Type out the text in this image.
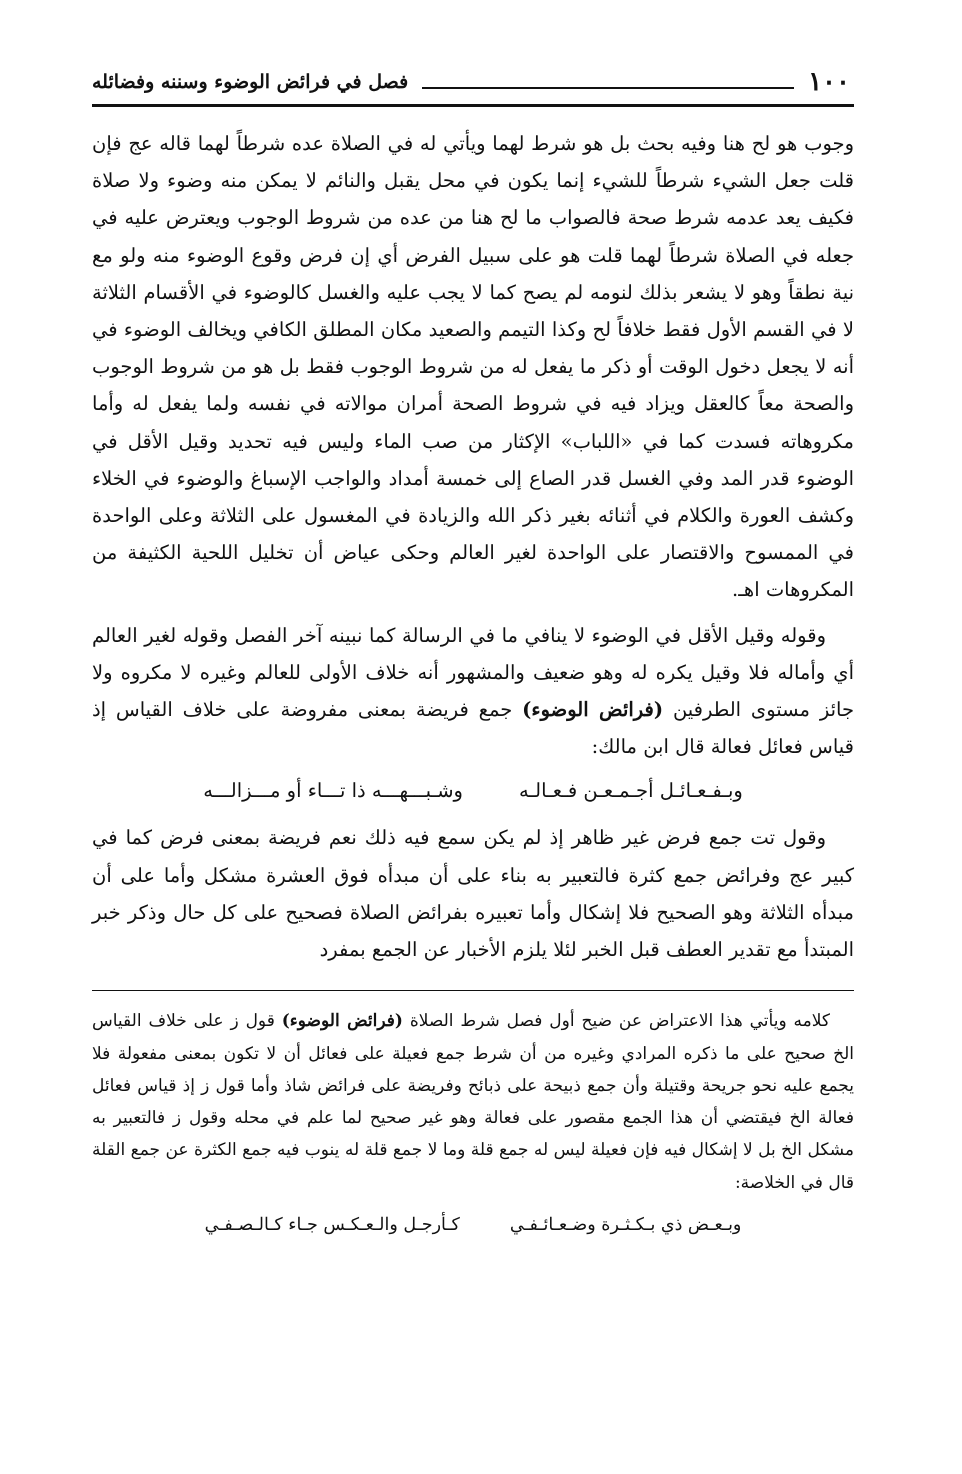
١٠٠
فصل في فرائض الوضوء وسننه وفضائله

وجوب هو لح هنا وفيه بحث بل هو شرط لهما ويأتي له في الصلاة عده شرطاً لهما قاله عج فإن قلت جعل الشيء شرطاً للشيء إنما يكون في محل يقبل والنائم لا يمكن منه وضوء ولا صلاة فكيف يعد عدمه شرط صحة فالصواب ما لح هنا من عده من شروط الوجوب ويعترض عليه في جعله في الصلاة شرطاً لهما قلت هو على سبيل الفرض أي إن فرض وقوع الوضوء منه ولو مع نية نطقاً وهو لا يشعر بذلك لنومه لم يصح كما لا يجب عليه والغسل كالوضوء في الأقسام الثلاثة لا في القسم الأول فقط خلافاً لح وكذا التيمم والصعيد مكان المطلق الكافي ويخالف الوضوء في أنه لا يجعل دخول الوقت أو ذكر ما يفعل له من شروط الوجوب فقط بل هو من شروط الوجوب والصحة معاً كالعقل ويزاد فيه في شروط الصحة أمران موالاته في نفسه ولما يفعل له وأما مكروهاته فسدت كما في «اللباب» الإكثار من صب الماء وليس فيه تحديد وقيل الأقل في الوضوء قدر المد وفي الغسل قدر الصاع إلى خمسة أمداد والواجب الإسباغ والوضوء في الخلاء وكشف العورة والكلام في أثنائه بغير ذكر الله والزيادة في المغسول على الثلاثة وعلى الواحدة في الممسوح والاقتصار على الواحدة لغير العالم وحكى عياض أن تخليل اللحية الكثيفة من المكروهات اهـ.

وقوله وقيل الأقل في الوضوء لا ينافي ما في الرسالة كما نبينه آخر الفصل وقوله لغير العالم أي وأماله فلا وقيل يكره له وهو ضعيف والمشهور أنه خلاف الأولى للعالم وغيره لا مكروه ولا جائز مستوى الطرفين (فرائض الوضوء) جمع فريضة بمعنى مفروضة على خلاف القياس إذ قياس فعائل فعالة قال ابن مالك:

وبـفـعـائـل أجـمـعـن فـعـالـه
وشـبـــهـــه ذا تـــاء أو مـــزالـــه

وقول تت جمع فرض غير ظاهر إذ لم يكن سمع فيه ذلك نعم فريضة بمعنى فرض كما في كبير عج وفرائض جمع كثرة فالتعبير به بناء على أن مبدأه فوق العشرة مشكل وأما على أن مبدأه الثلاثة وهو الصحيح فلا إشكال وأما تعبيره بفرائض الصلاة فصحيح على كل حال وذكر خبر المبتدأ مع تقدير العطف قبل الخبر لئلا يلزم الأخبار عن الجمع بمفرد

كلامه ويأتي هذا الاعتراض عن ضيح أول فصل شرط الصلاة (فرائض الوضوء) قول ز على خلاف القياس الخ صحيح على ما ذكره المرادي وغيره من أن شرط جمع فعيلة على فعائل أن لا تكون بمعنى مفعولة فلا يجمع عليه نحو جريحة وقتيلة وأن جمع ذبيحة على ذبائح وفريضة على فرائض شاذ وأما قول ز إذ قياس فعائل فعالة الخ فيقتضي أن هذا الجمع مقصور على فعالة وهو غير صحيح لما علم في محله وقول ز فالتعبير به مشكل الخ بل لا إشكال فيه فإن فعيلة ليس له جمع قلة وما لا جمع قلة له ينوب فيه جمع الكثرة عن جمع القلة قال في الخلاصة:

وبـعـض ذي بـكـثـرة وضـعـائـفـي
كـأرجـل والـعـكـس جـاء كـالـصـفـي
